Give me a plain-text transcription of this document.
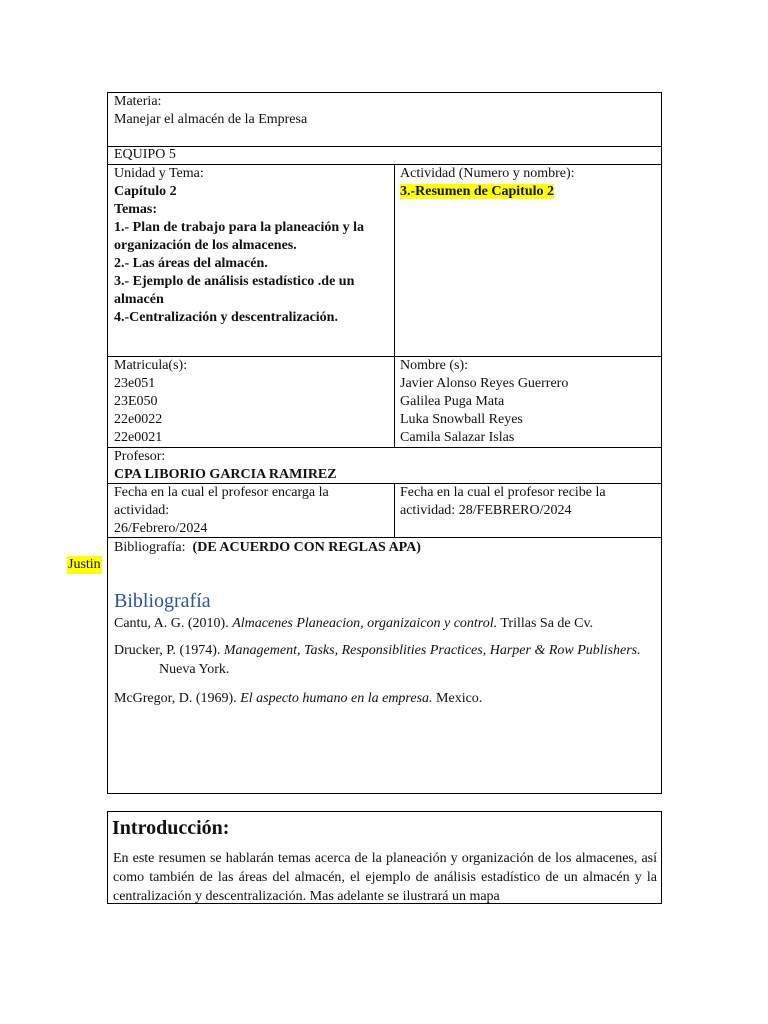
Materia:
Manejar el almacén de la Empresa
EQUIPO 5
Unidad y Tema:
Capítulo 2
Temas:
1.- Plan de trabajo para la planeación y la
organización de los almacenes.
2.- Las áreas del almacén.
3.- Ejemplo de análisis estadístico .de un
almacén
4.-Centralización y descentralización.
Actividad (Numero y nombre):
3.-Resumen de Capitulo 2
Matricula(s):
23e051
23E050
22e0022
22e0021
Nombre (s):
Javier Alonso Reyes Guerrero
Galilea Puga Mata
Luka Snowball Reyes
Camila Salazar Islas
Profesor:
CPA LIBORIO GARCIA RAMIREZ
Fecha en la cual el profesor encarga la
actividad:
26/Febrero/2024
Fecha en la cual el profesor recibe la
actividad: 28/FEBRERO/2024
Bibliografía: (DE ACUERDO CON REGLAS APA)
Justin
Bibliografía
Cantu, A. G. (2010). Almacenes Planeacion, organizaicon y control. Trillas Sa de Cv.
Drucker, P. (1974). Management, Tasks, Responsiblities Practices, Harper & Row Publishers.
Nueva York.
McGregor, D. (1969). El aspecto humano en la empresa. Mexico.
Introducción:
En este resumen se hablarán temas acerca de la planeación y organización de los almacenes, así como también de las áreas del almacén, el ejemplo de análisis estadístico de un almacén y la centralización y descentralización. Mas adelante se ilustrará un mapa
